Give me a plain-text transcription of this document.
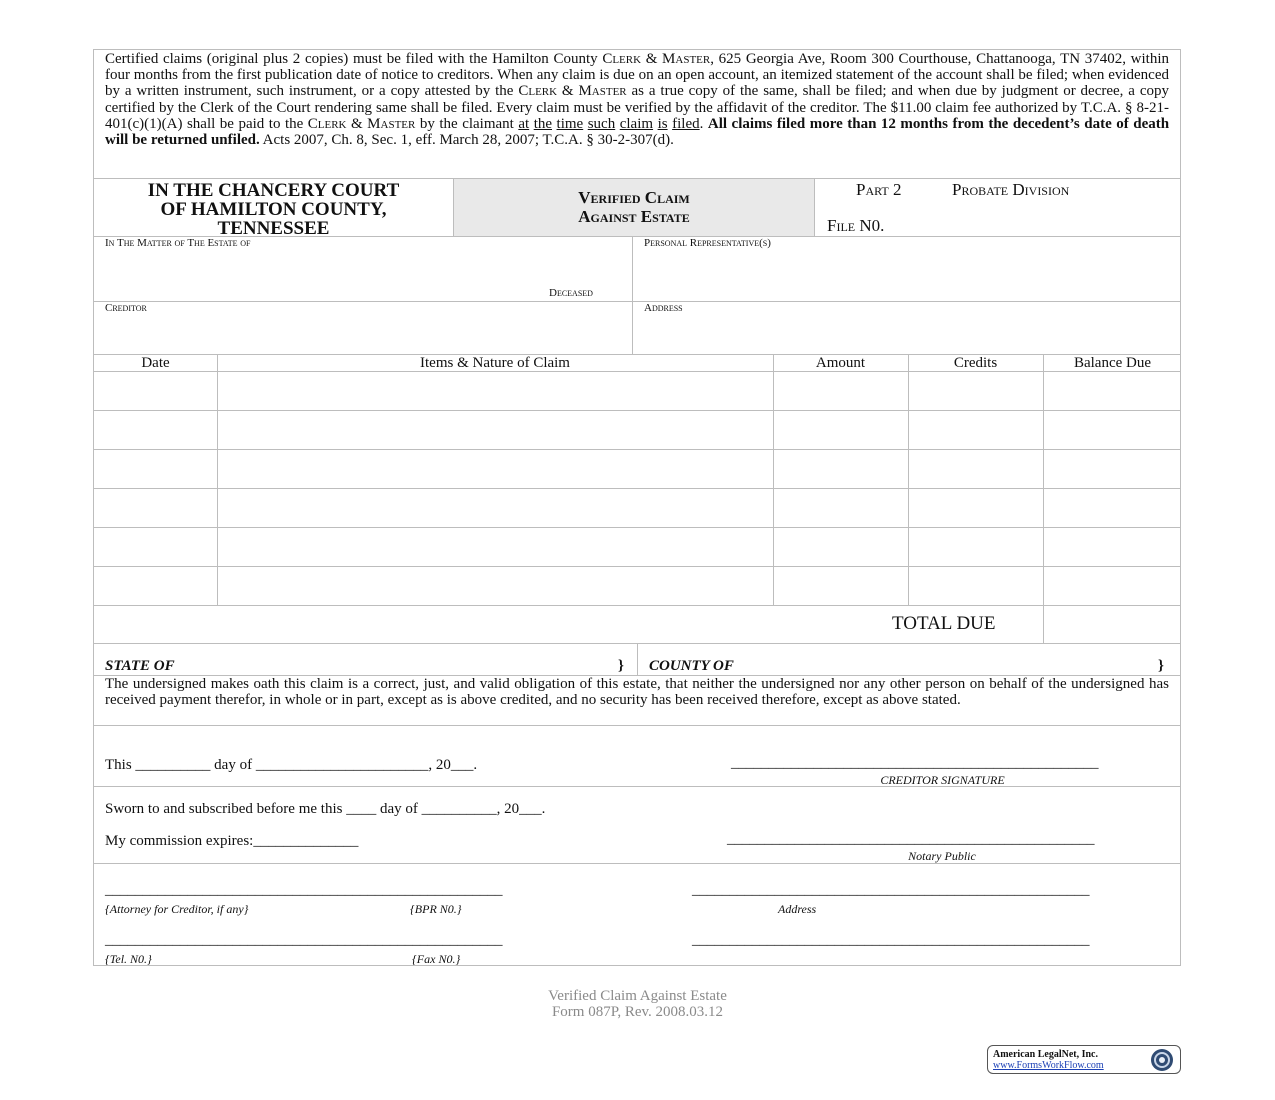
Certified claims (original plus 2 copies) must be filed with the Hamilton County Clerk & Master, 625 Georgia Ave, Room 300 Courthouse, Chattanooga, TN 37402, within four months from the first publication date of notice to creditors. When any claim is due on an open account, an itemized statement of the account shall be filed; when evidenced by a written instrument, such instrument, or a copy attested by the Clerk & Master as a true copy of the same, shall be filed; and when due by judgment or decree, a copy certified by the Clerk of the Court rendering same shall be filed. Every claim must be verified by the affidavit of the creditor. The $11.00 claim fee authorized by T.C.A. § 8-21-401(c)(1)(A) shall be paid to the Clerk & Master by the claimant at the time such claim is filed. All claims filed more than 12 months from the decedent’s date of death will be returned unfiled. Acts 2007, Ch. 8, Sec. 1, eff. March 28, 2007; T.C.A. § 30-2-307(d).

IN THE CHANCERY COURT
OF HAMILTON COUNTY,
TENNESSEE
Verified Claim
Against Estate
Part 2	Probate Division
File N0.
In The Matter of The Estate of
Deceased
Personal Representative(s)
Creditor	Address
Date	Items & Nature of Claim	Amount	Credits	Balance Due
TOTAL DUE
STATE OF	} COUNTY OF	}
The undersigned makes oath this claim is a correct, just, and valid obligation of this estate, that neither the undersigned nor any other person on behalf of the undersigned has received payment therefor, in whole or in part, except as is above credited, and no security has been received therefore, except as above stated.
This __________ day of _______________________, 20___.	_________________________________________________
CREDITOR SIGNATURE
Sworn to and subscribed before me this ____ day of __________, 20___.
My commission expires:______________	_________________________________________________
Notary Public
_____________________________________________________
{Attorney for Creditor, if any}	{BPR N0.}
_____________________________________________________
Address
_____________________________________________________
{Tel. N0.}	{Fax N0.}
_____________________________________________________
Verified Claim Against Estate
Form 087P, Rev. 2008.03.12
American LegalNet, Inc.
www.FormsWorkFlow.com
